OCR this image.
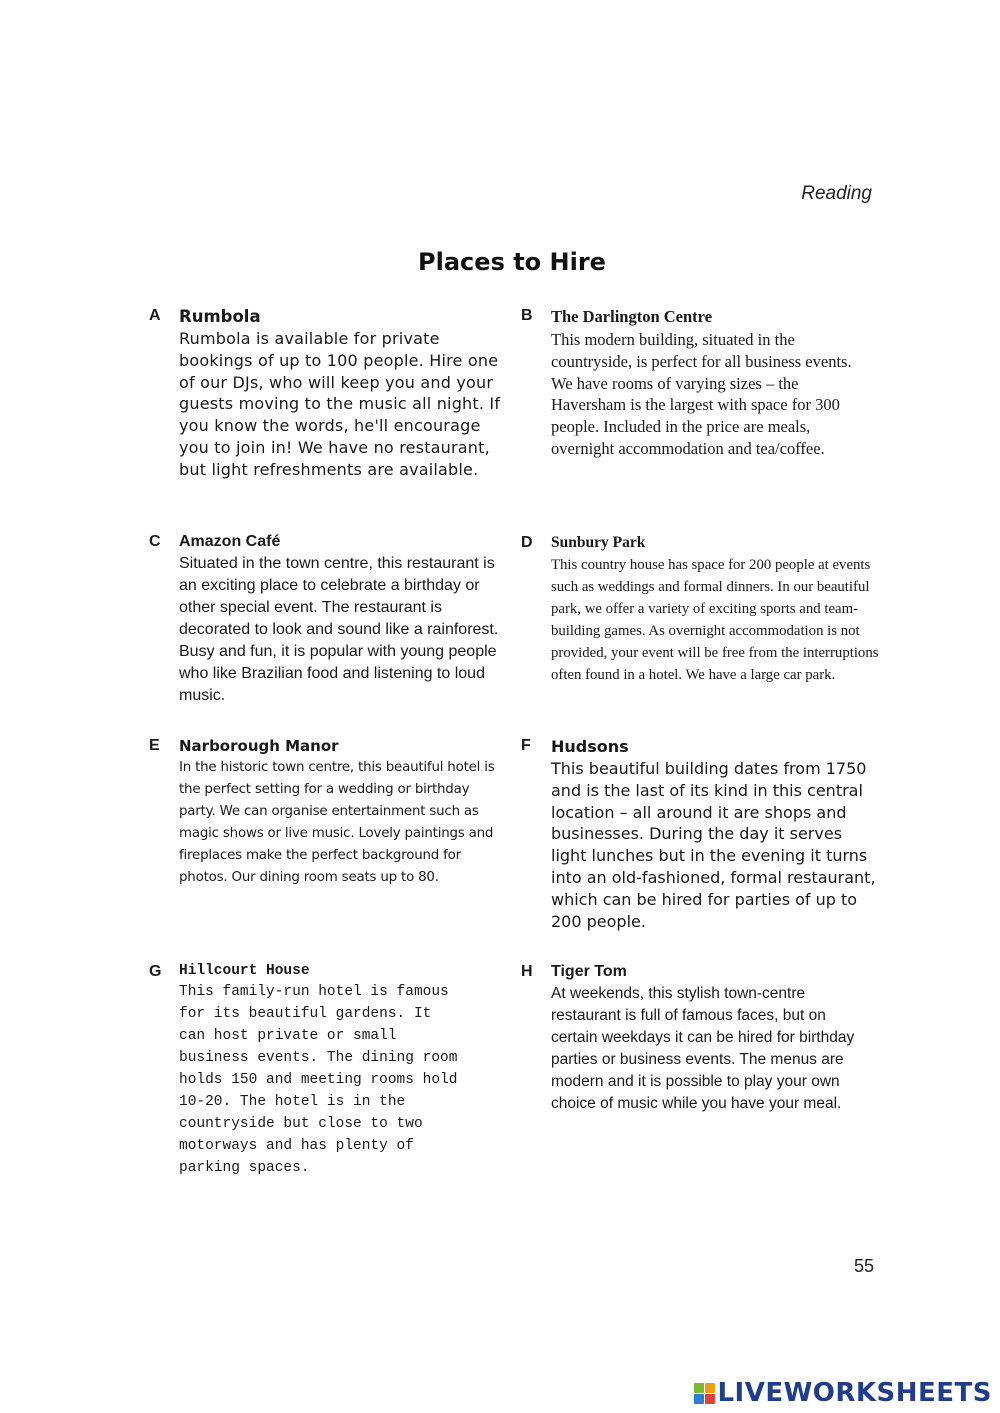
Reading
Places to Hire
A Rumbola

Rumbola is available for private bookings of up to 100 people. Hire one of our DJs, who will keep you and your guests moving to the music all night. If you know the words, he'll encourage you to join in! We have no restaurant, but light refreshments are available.

B The Darlington Centre

This modern building, situated in the countryside, is perfect for all business events. We have rooms of varying sizes – the Haversham is the largest with space for 300 people. Included in the price are meals, overnight accommodation and tea/coffee.

C Amazon Café

Situated in the town centre, this restaurant is an exciting place to celebrate a birthday or other special event. The restaurant is decorated to look and sound like a rainforest. Busy and fun, it is popular with young people who like Brazilian food and listening to loud music.

D Sunbury Park

This country house has space for 200 people at events such as weddings and formal dinners. In our beautiful park, we offer a variety of exciting sports and team-building games. As overnight accommodation is not provided, your event will be free from the interruptions often found in a hotel. We have a large car park.

E Narborough Manor

In the historic town centre, this beautiful hotel is the perfect setting for a wedding or birthday party. We can organise entertainment such as magic shows or live music. Lovely paintings and fireplaces make the perfect background for photos. Our dining room seats up to 80.

F Hudsons

This beautiful building dates from 1750 and is the last of its kind in this central location – all around it are shops and businesses. During the day it serves light lunches but in the evening it turns into an old-fashioned, formal restaurant, which can be hired for parties of up to 200 people.

G Hillcourt House

This family-run hotel is famous
for its beautiful gardens. It
can host private or small
business events. The dining room
holds 150 and meeting rooms hold
10-20. The hotel is in the
countryside but close to two
motorways and has plenty of
parking spaces.

H Tiger Tom

At weekends, this stylish town-centre restaurant is full of famous faces, but on certain weekdays it can be hired for birthday parties or business events. The menus are modern and it is possible to play your own choice of music while you have your meal.

55
LIVEWORKSHEETS
